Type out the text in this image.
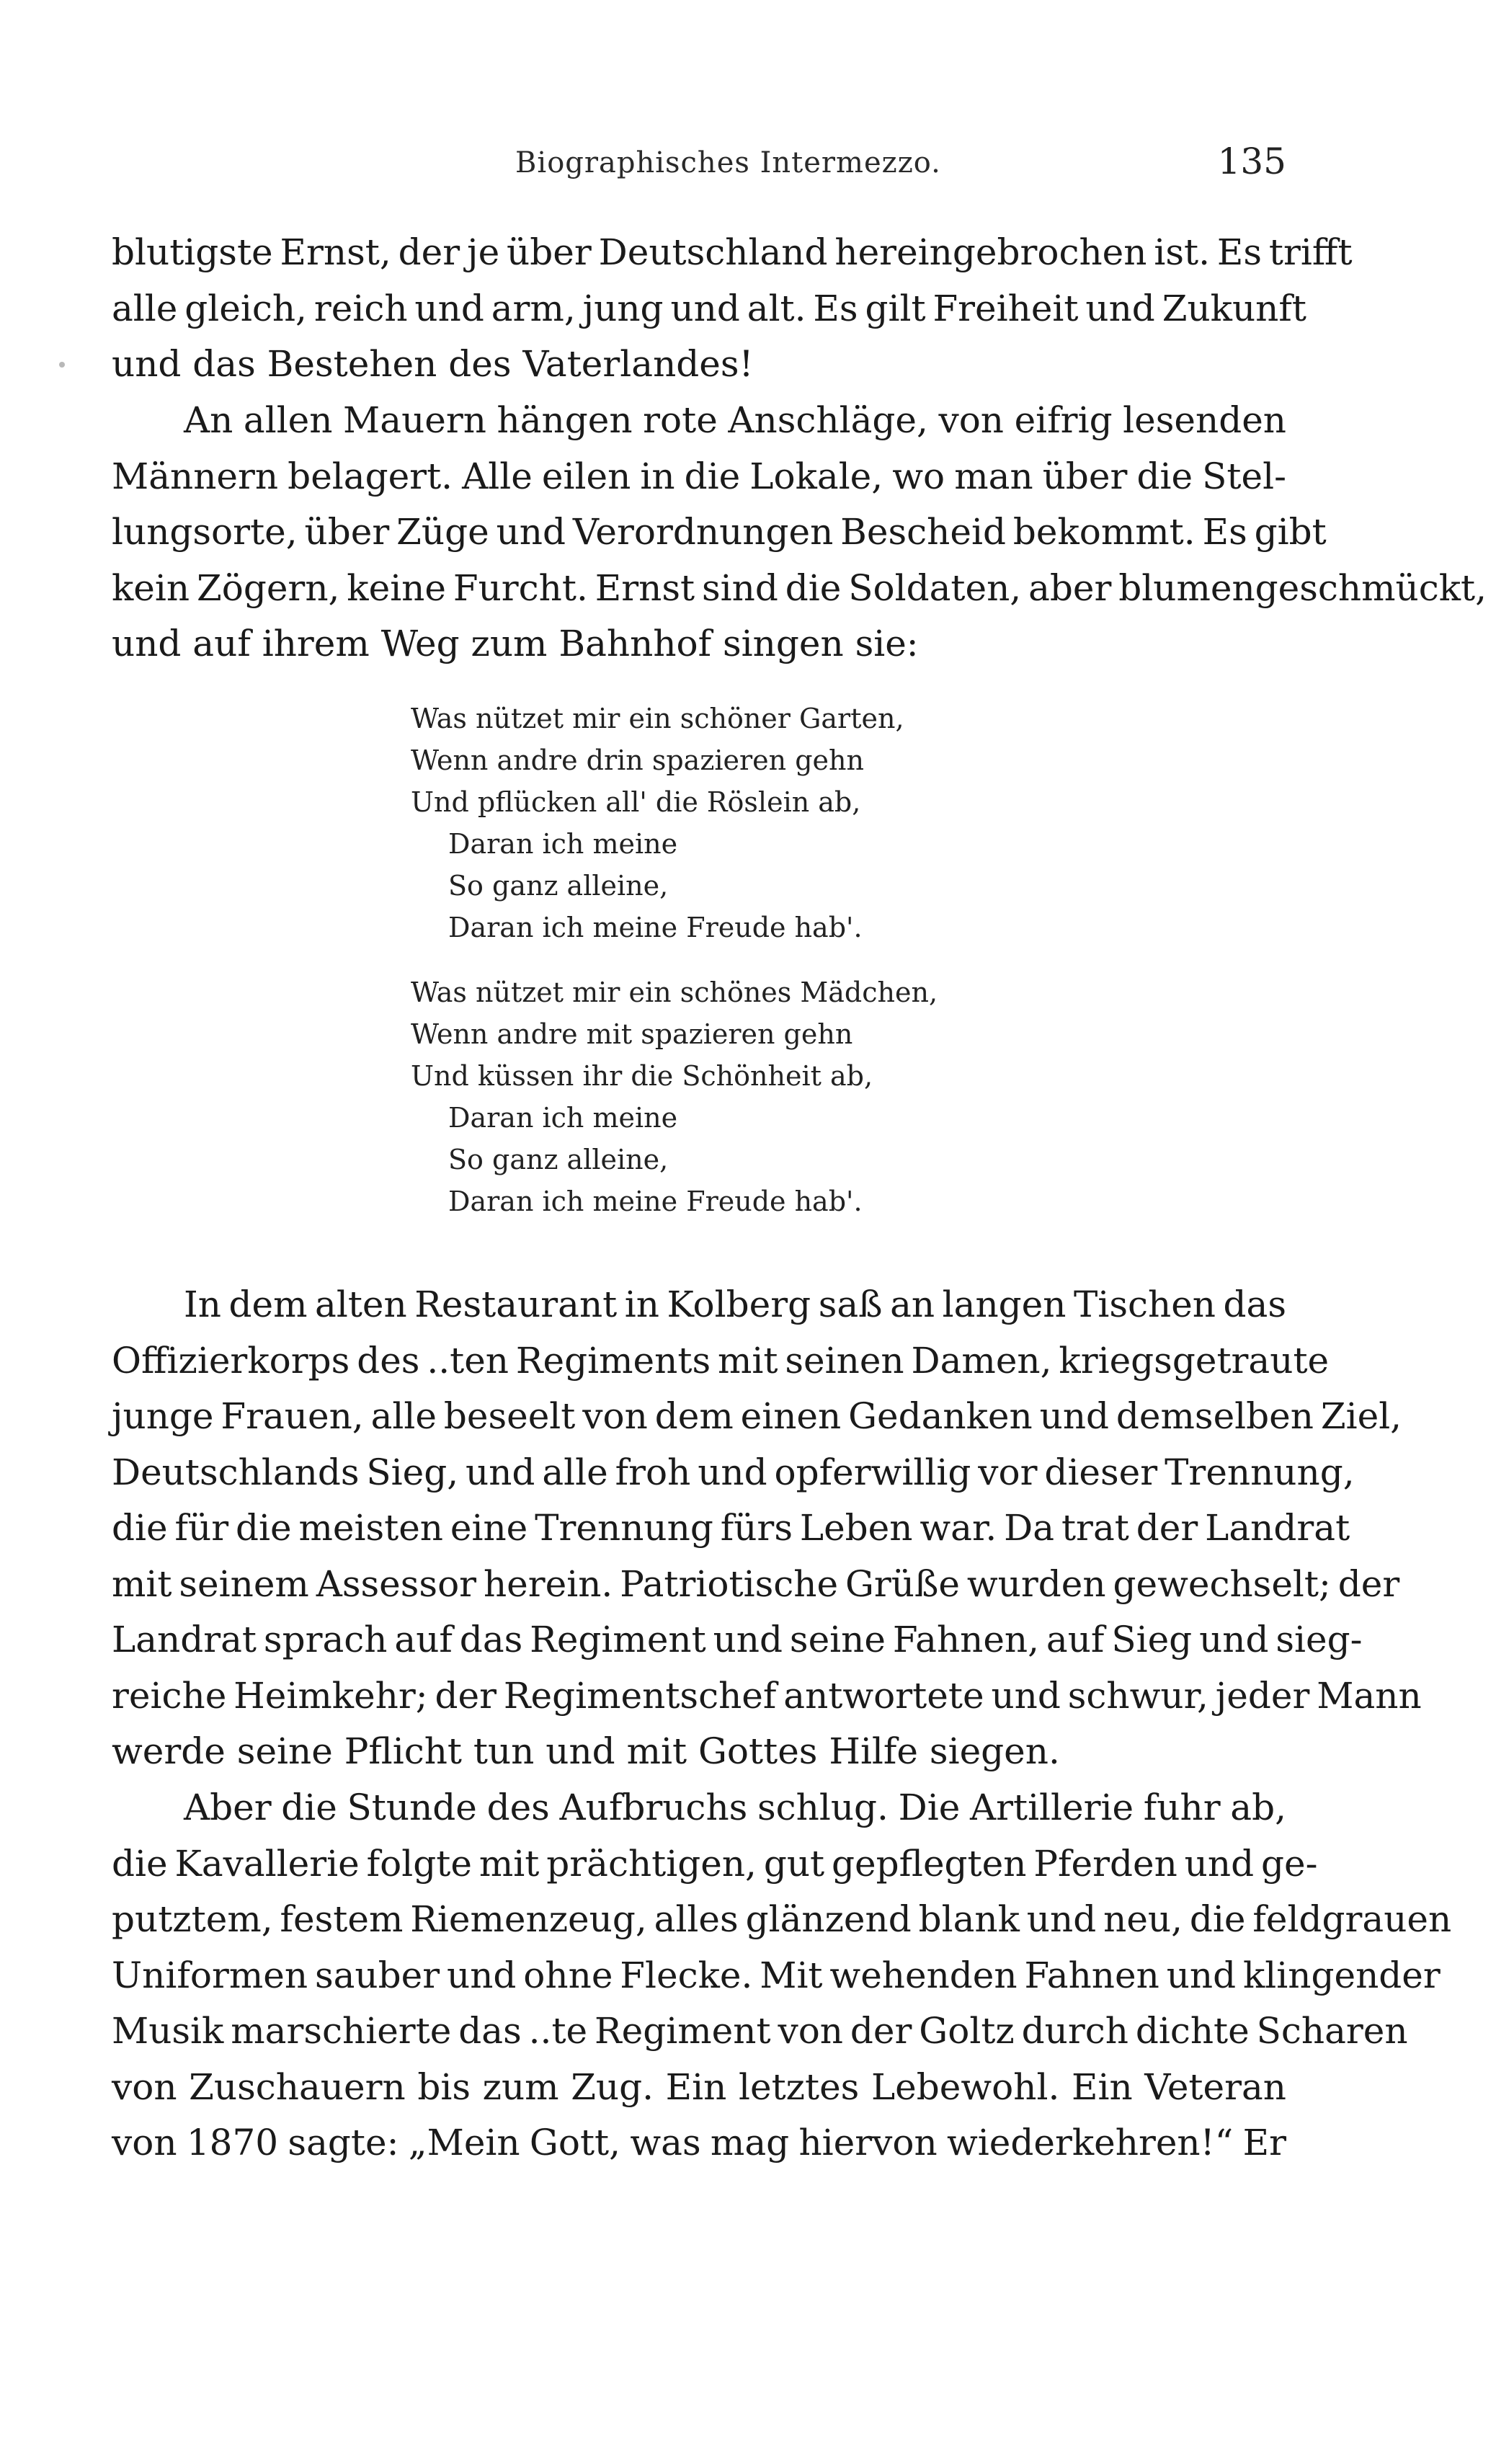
Biographisches Intermezzo.	135
blutigste Ernst, der je über Deutschland hereingebrochen ist. Es trifft
alle gleich, reich und arm, jung und alt. Es gilt Freiheit und Zukunft
und das Bestehen des Vaterlandes!
An allen Mauern hängen rote Anschläge, von eifrig lesenden
Männern belagert. Alle eilen in die Lokale, wo man über die Stel-
lungsorte, über Züge und Verordnungen Bescheid bekommt. Es gibt
kein Zögern, keine Furcht. Ernst sind die Soldaten, aber blumengeschmückt,
und auf ihrem Weg zum Bahnhof singen sie:
Was nützet mir ein schöner Garten,
Wenn andre drin spazieren gehn
Und pflücken all' die Röslein ab,
Daran ich meine
So ganz alleine,
Daran ich meine Freude hab'.
Was nützet mir ein schönes Mädchen,
Wenn andre mit spazieren gehn
Und küssen ihr die Schönheit ab,
Daran ich meine
So ganz alleine,
Daran ich meine Freude hab'.
In dem alten Restaurant in Kolberg saß an langen Tischen das
Offizierkorps des ..ten Regiments mit seinen Damen, kriegsgetraute
junge Frauen, alle beseelt von dem einen Gedanken und demselben Ziel,
Deutschlands Sieg, und alle froh und opferwillig vor dieser Trennung,
die für die meisten eine Trennung fürs Leben war. Da trat der Landrat
mit seinem Assessor herein. Patriotische Grüße wurden gewechselt; der
Landrat sprach auf das Regiment und seine Fahnen, auf Sieg und sieg-
reiche Heimkehr; der Regimentschef antwortete und schwur, jeder Mann
werde seine Pflicht tun und mit Gottes Hilfe siegen.
Aber die Stunde des Aufbruchs schlug. Die Artillerie fuhr ab,
die Kavallerie folgte mit prächtigen, gut gepflegten Pferden und ge-
putztem, festem Riemenzeug, alles glänzend blank und neu, die feldgrauen
Uniformen sauber und ohne Flecke. Mit wehenden Fahnen und klingender
Musik marschierte das ..te Regiment von der Goltz durch dichte Scharen
von Zuschauern bis zum Zug. Ein letztes Lebewohl. Ein Veteran
von 1870 sagte: „Mein Gott, was mag hiervon wiederkehren!“ Er
